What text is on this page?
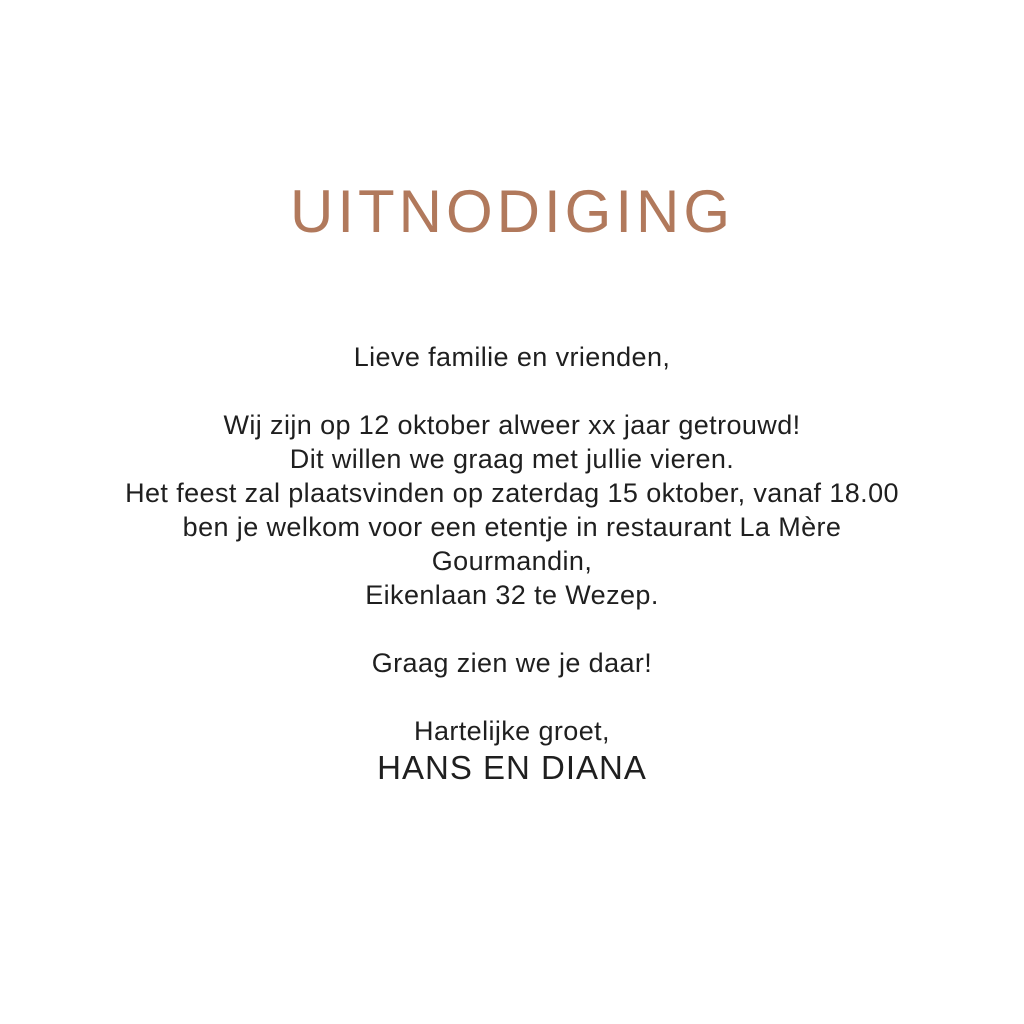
UITNODIGING
Lieve familie en vrienden,
Wij zijn op 12 oktober alweer xx jaar getrouwd!
Dit willen we graag met jullie vieren.
Het feest zal plaatsvinden op zaterdag 15 oktober, vanaf 18.00
ben je welkom voor een etentje in restaurant La Mère
Gourmandin,
Eikenlaan 32 te Wezep.
Graag zien we je daar!
Hartelijke groet,
HANS EN DIANA
